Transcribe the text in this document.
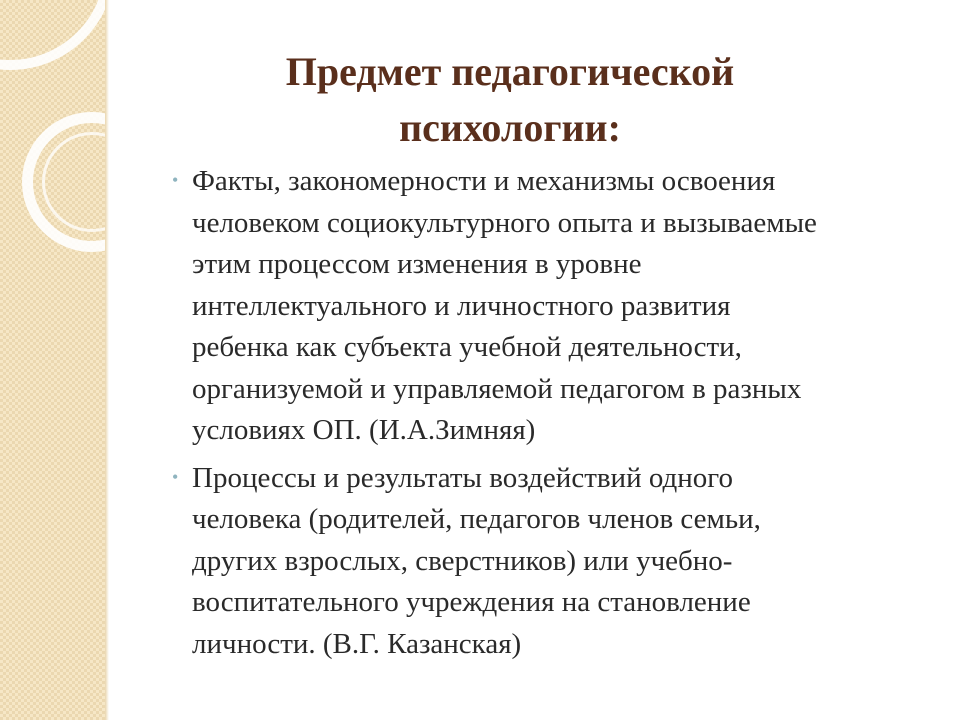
Предмет педагогической
психологии:
• Факты, закономерности и механизмы освоения
человеком социокультурного опыта и вызываемые
этим процессом изменения в уровне
интеллектуального и личностного развития
ребенка как субъекта учебной деятельности,
организуемой и управляемой педагогом в разных
условиях ОП. (И.А.Зимняя)
• Процессы и результаты воздействий одного
человека (родителей, педагогов членов семьи,
других взрослых, сверстников) или учебно-
воспитательного учреждения на становление
личности. (В.Г. Казанская)
